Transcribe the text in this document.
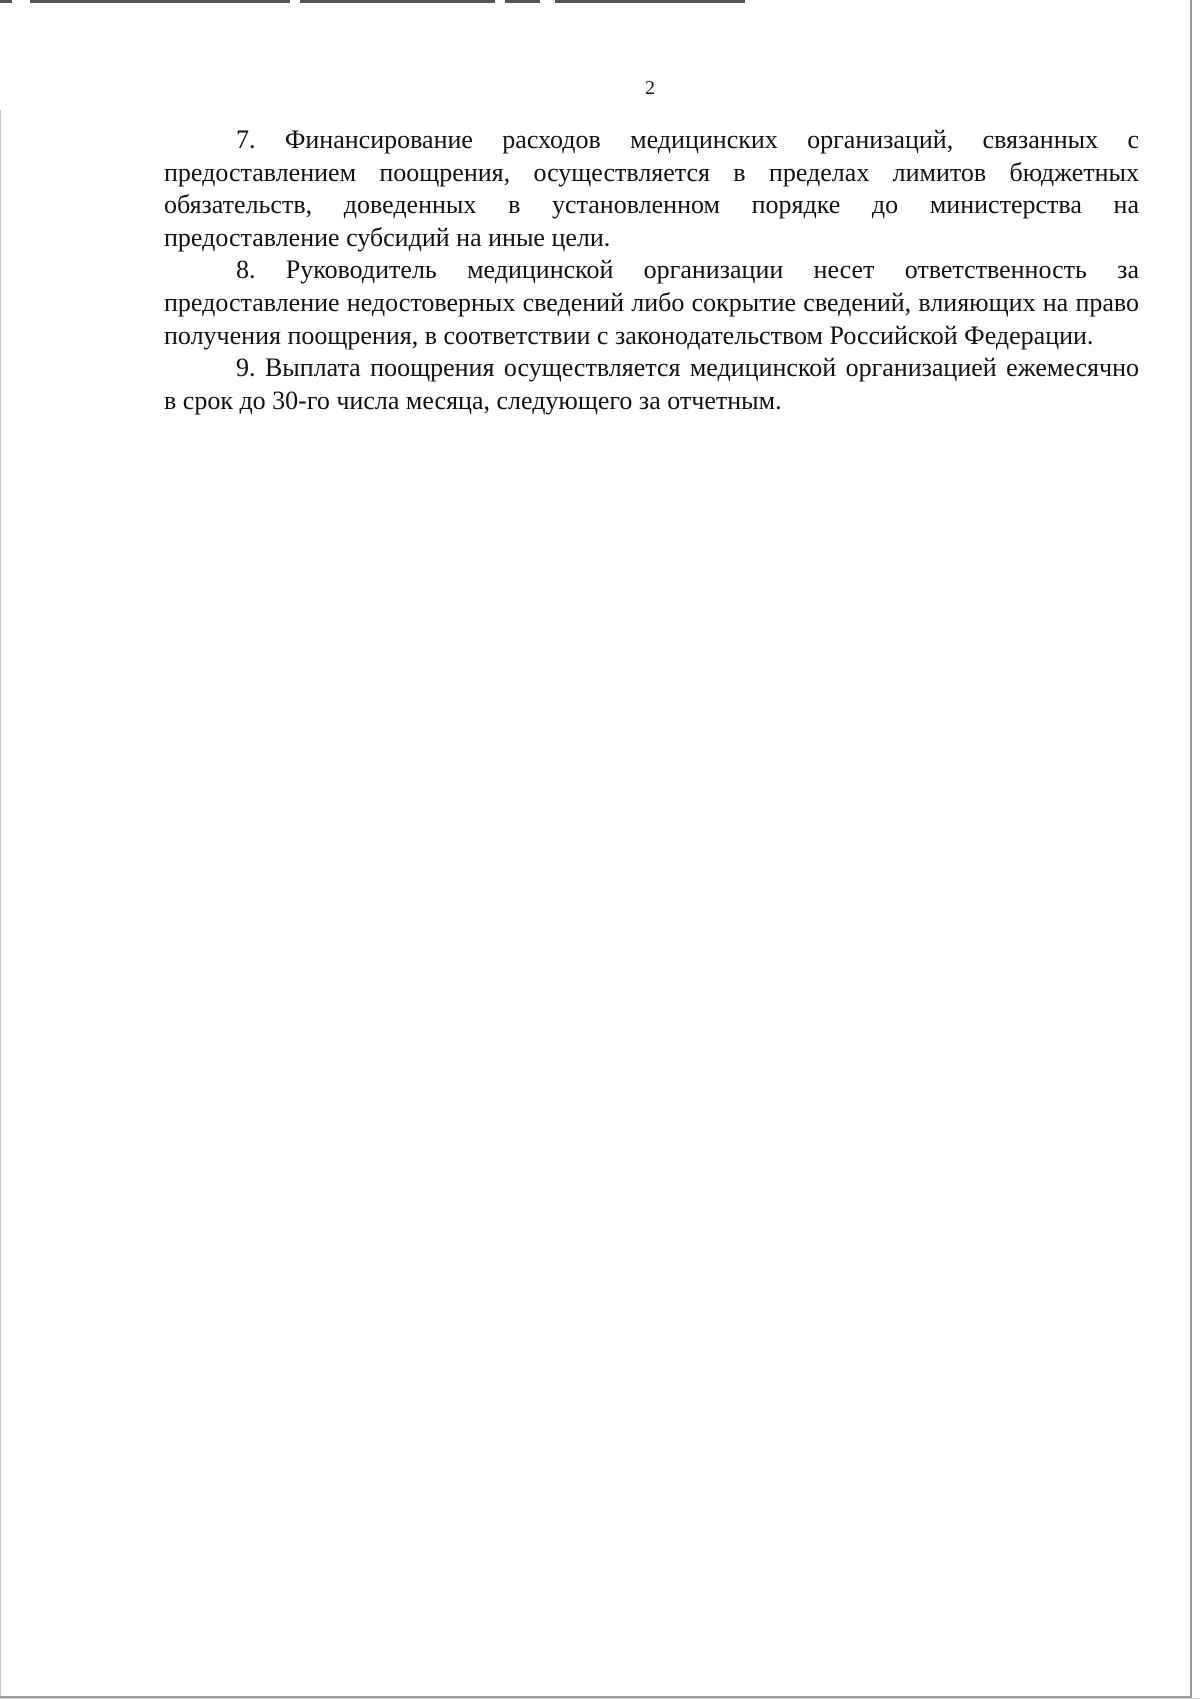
2

7. Финансирование расходов медицинских организаций, связанных с предоставлением поощрения, осуществляется в пределах лимитов бюджетных обязательств, доведенных в установленном порядке до министерства на предоставление субсидий на иные цели.

8. Руководитель медицинской организации несет ответственность за предоставление недостоверных сведений либо сокрытие сведений, влияющих на право получения поощрения, в соответствии с законодательством Российской Федерации.

9. Выплата поощрения осуществляется медицинской организацией ежемесячно в срок до 30-го числа месяца, следующего за отчетным.
